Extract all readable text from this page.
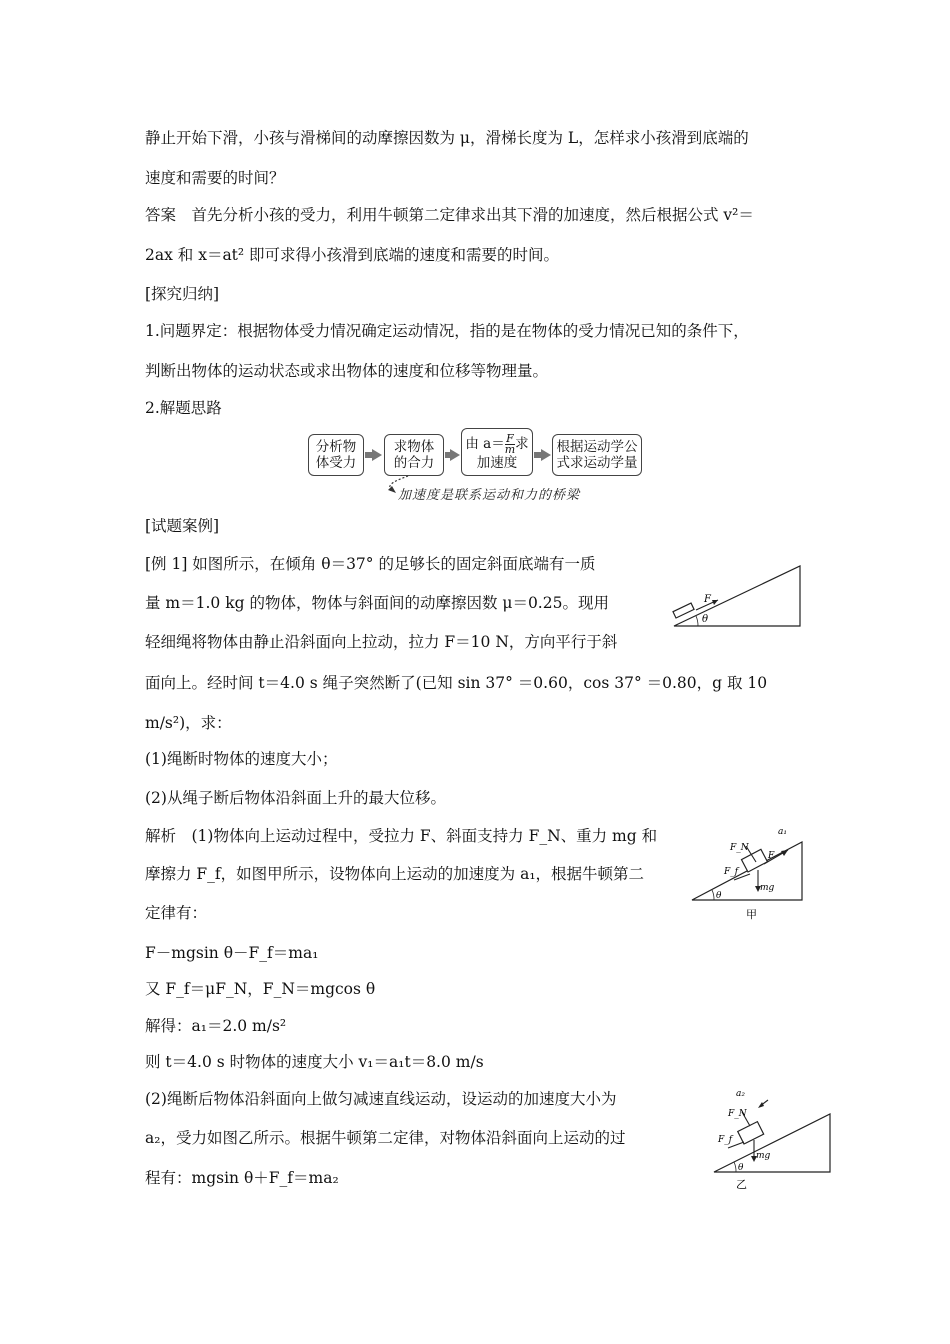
静止开始下滑，小孩与滑梯间的动摩擦因数为 μ，滑梯长度为 L，怎样求小孩滑到底端的
速度和需要的时间？
答案　首先分析小孩的受力，利用牛顿第二定律求出其下滑的加速度，然后根据公式 v²＝
2ax 和 x＝at² 即可求得小孩滑到底端的速度和需要的时间。
[探究归纳]
1.问题界定：根据物体受力情况确定运动情况，指的是在物体的受力情况已知的条件下，
判断出物体的运动状态或求出物体的速度和位移等物理量。
2.解题思路
分析物
体受力
求物体
的合力
由 $a= \frac{F}{m}$ 求
加速度
根据运动学公
式求运动学量
加速度是联系运动和力的桥梁
[试题案例]
[例 1] 如图所示，在倾角 θ＝37° 的足够长的固定斜面底端有一质
量 m＝1.0 kg 的物体，物体与斜面间的动摩擦因数 μ＝0.25。现用
轻细绳将物体由静止沿斜面向上拉动，拉力 F＝10 N，方向平行于斜
面向上。经时间 t＝4.0 s 绳子突然断了(已知 sin 37° ＝0.60，cos 37° ＝0.80，g 取 10
m/s²)，求：
(1)绳断时物体的速度大小；
(2)从绳子断后物体沿斜面上升的最大位移。
解析　(1)物体向上运动过程中，受拉力 F、斜面支持力 F_N、重力 mg 和
摩擦力 F_f，如图甲所示，设物体向上运动的加速度为 a₁，根据牛顿第二
定律有：
F－mgsin θ－F_f＝ma₁
又 F_f＝μF_N，F_N＝mgcos θ
解得：a₁＝2.0 m/s²
则 t＝4.0 s 时物体的速度大小 v₁＝a₁t＝8.0 m/s
(2)绳断后物体沿斜面向上做匀减速直线运动，设运动的加速度大小为
a₂，受力如图乙所示。根据牛顿第二定律，对物体沿斜面向上运动的过
程有：mgsin θ＋F_f＝ma₂
F
θ
a₁
F_N
F
F_f
mg
θ
甲
a₂
F_N
F_f
mg
θ
乙
